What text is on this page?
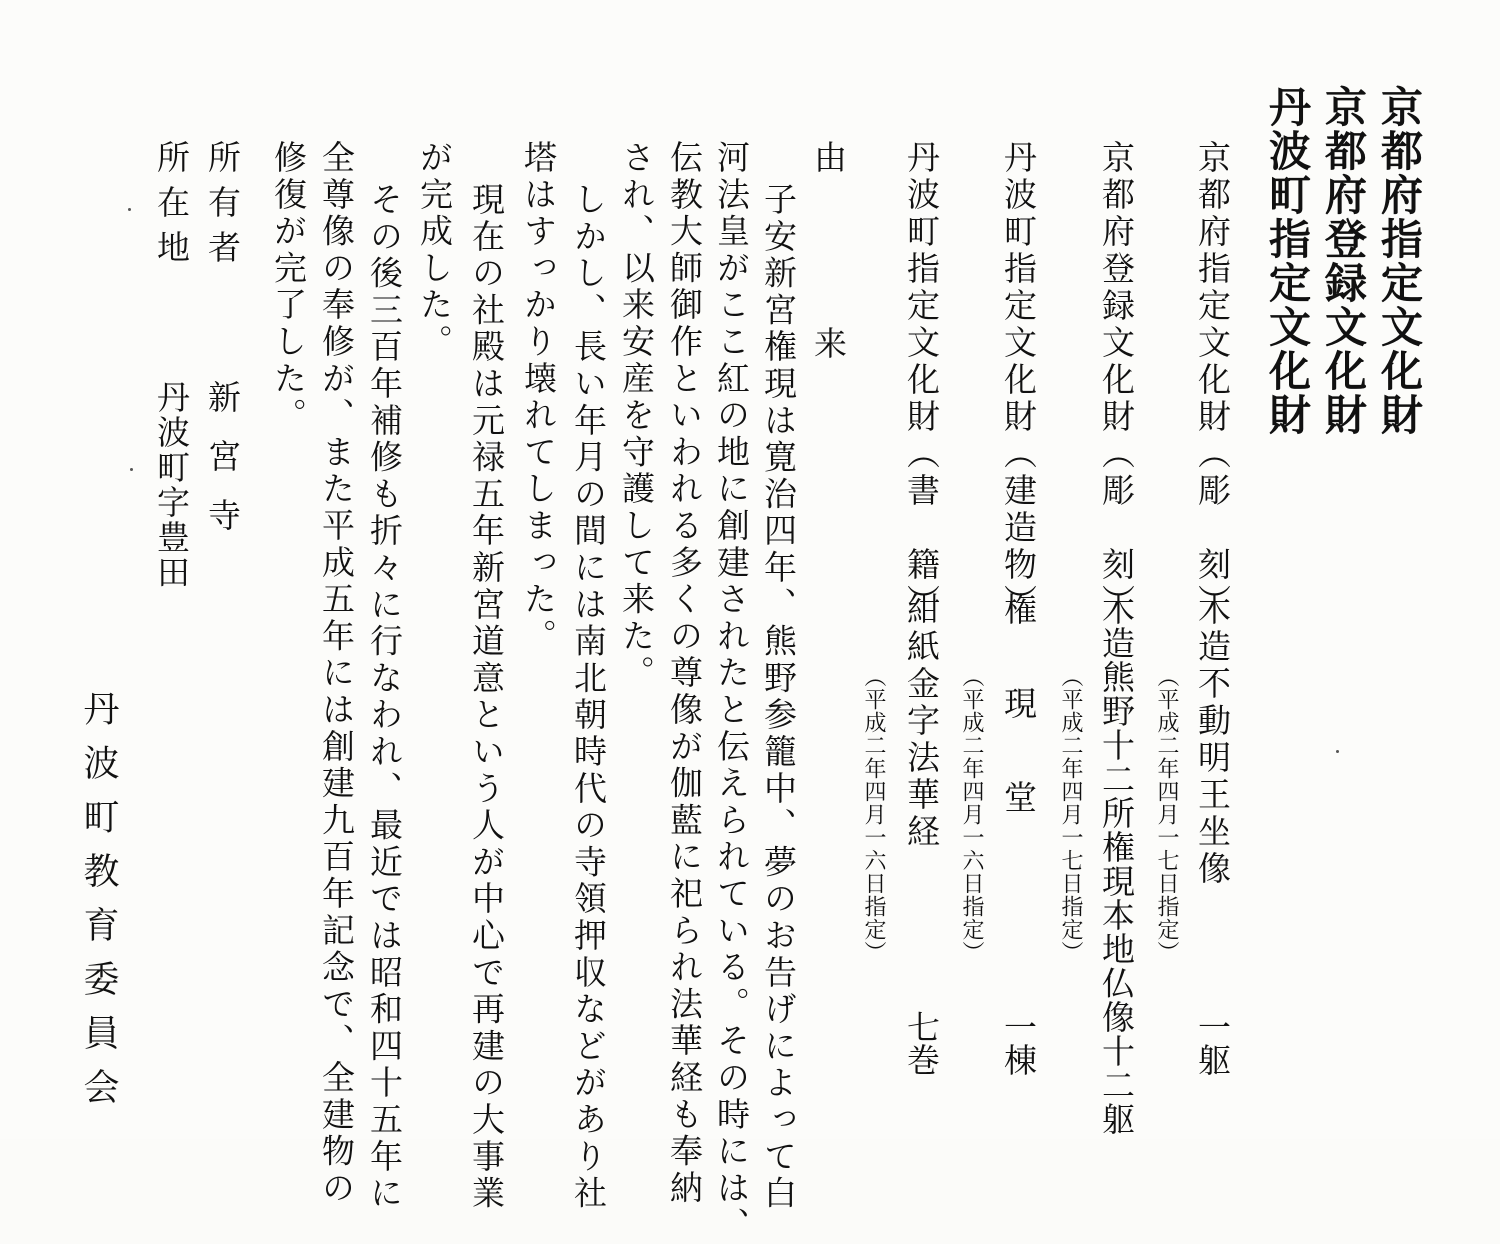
京都府指定文化財
京都府登録文化財
丹波町指定文化財
京都府指定文化財（彫　刻）
木造不動明王坐像
（平成二年四月一七日指定）
一躯
京都府登録文化財（彫　刻）
木造熊野十二所権現本地仏像十二躯
（平成二年四月一七日指定）
丹波町指定文化財（建造物）
権　現　堂
（平成二年四月一六日指定）
一棟
丹波町指定文化財（書　籍）
紺紙金字法華経
（平成二年四月一六日指定）
七巻
由　来
子安新宮権現は寛治四年、熊野参籠中、夢のお告げによって白
河法皇がここ紅の地に創建されたと伝えられている。その時には、
伝教大師御作といわれる多くの尊像が伽藍に祀られ法華経も奉納
され、以来安産を守護して来た。
しかし、長い年月の間には南北朝時代の寺領押収などがあり社
塔はすっかり壊れてしまった。
現在の社殿は元禄五年新宮道意という人が中心で再建の大事業
が完成した。
その後三百年補修も折々に行なわれ、最近では昭和四十五年に
全尊像の奉修が、また平成五年には創建九百年記念で、全建物の
修復が完了した。
所有者
新宮寺
所在地
丹波町字豊田
丹波町教育委員会
